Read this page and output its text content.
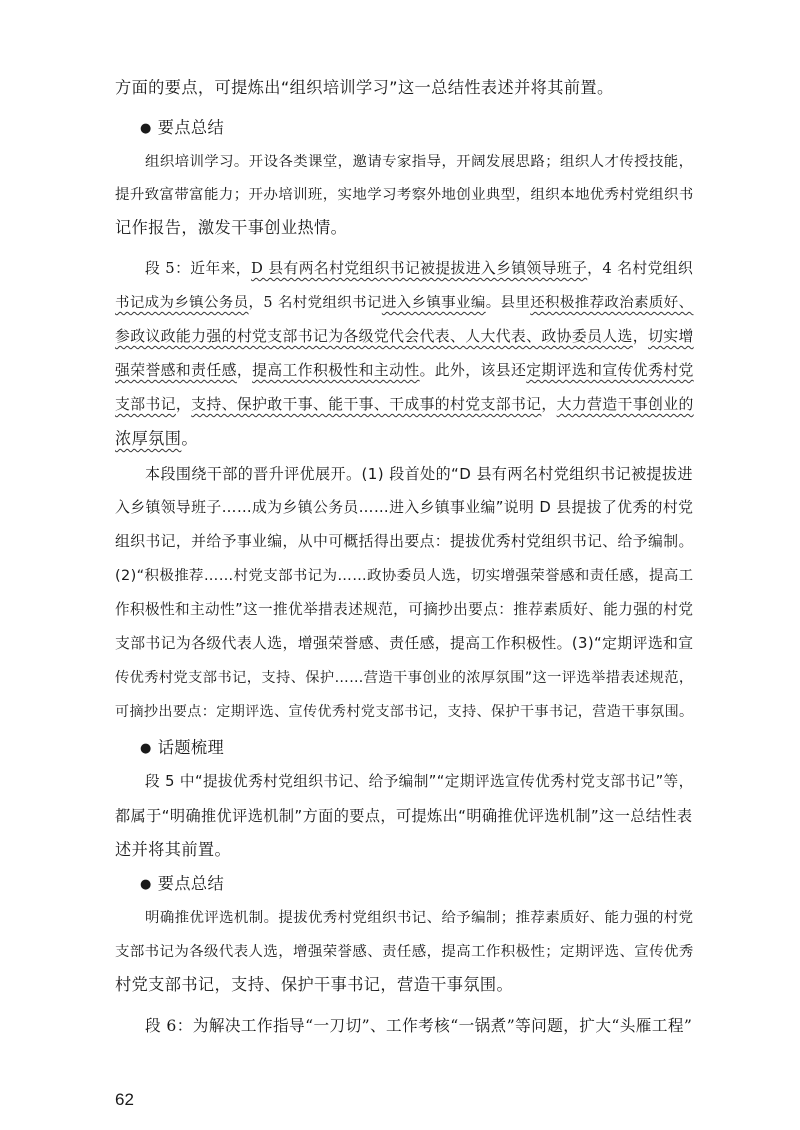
方面的要点，可提炼出“组织培训学习”这一总结性表述并将其前置。
● 要点总结
组织培训学习。开设各类课堂，邀请专家指导，开阔发展思路；组织人才传授技能，
提升致富带富能力；开办培训班，实地学习考察外地创业典型，组织本地优秀村党组织书
记作报告，激发干事创业热情。
段 5：近年来，D 县有两名村党组织书记被提拔进入乡镇领导班子，4 名村党组织
书记成为乡镇公务员，5 名村党组织书记进入乡镇事业编。县里还积极推荐政治素质好、
参政议政能力强的村党支部书记为各级党代会代表、人大代表、政协委员人选，切实增
强荣誉感和责任感，提高工作积极性和主动性。此外，该县还定期评选和宣传优秀村党
支部书记，支持、保护敢干事、能干事、干成事的村党支部书记，大力营造干事创业的
浓厚氛围。
本段围绕干部的晋升评优展开。(1) 段首处的“D 县有两名村党组织书记被提拔进
入乡镇领导班子……成为乡镇公务员……进入乡镇事业编”说明 D 县提拔了优秀的村党
组织书记，并给予事业编，从中可概括得出要点：提拔优秀村党组织书记、给予编制。
(2)“积极推荐……村党支部书记为……政协委员人选，切实增强荣誉感和责任感，提高工
作积极性和主动性”这一推优举措表述规范，可摘抄出要点：推荐素质好、能力强的村党
支部书记为各级代表人选，增强荣誉感、责任感，提高工作积极性。(3)“定期评选和宣
传优秀村党支部书记，支持、保护……营造干事创业的浓厚氛围”这一评选举措表述规范，
可摘抄出要点：定期评选、宣传优秀村党支部书记，支持、保护干事书记，营造干事氛围。
● 话题梳理
段 5 中“提拔优秀村党组织书记、给予编制”“定期评选宣传优秀村党支部书记”等，
都属于“明确推优评选机制”方面的要点，可提炼出“明确推优评选机制”这一总结性表
述并将其前置。
● 要点总结
明确推优评选机制。提拔优秀村党组织书记、给予编制；推荐素质好、能力强的村党
支部书记为各级代表人选，增强荣誉感、责任感，提高工作积极性；定期评选、宣传优秀
村党支部书记，支持、保护干事书记，营造干事氛围。
段 6：为解决工作指导“一刀切”、工作考核“一锅煮”等问题，扩大“头雁工程”
62
